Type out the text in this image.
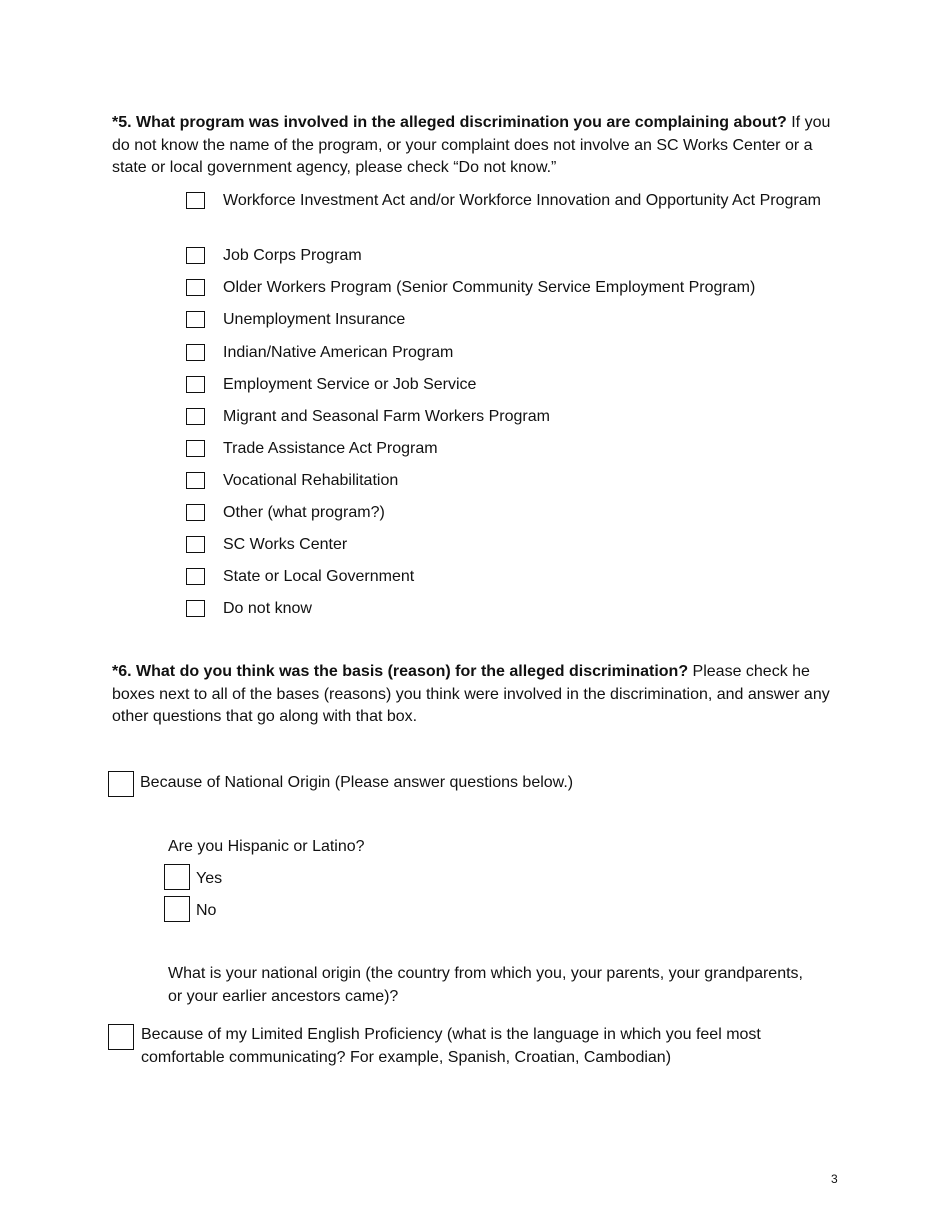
*5. What program was involved in the alleged discrimination you are complaining about? If you do not know the name of the program, or your complaint does not involve an SC Works Center or a state or local government agency, please check “Do not know.”
Workforce Investment Act and/or Workforce Innovation and Opportunity Act Program
Job Corps Program
Older Workers Program (Senior Community Service Employment Program)
Unemployment Insurance
Indian/Native American Program
Employment Service or Job Service
Migrant and Seasonal Farm Workers Program
Trade Assistance Act Program
Vocational Rehabilitation
Other (what program?)
SC Works Center
State or Local Government
Do not know
*6. What do you think was the basis (reason) for the alleged discrimination? Please check he boxes next to all of the bases (reasons) you think were involved in the discrimination, and answer any other questions that go along with that box.
Because of National Origin (Please answer questions below.)
Are you Hispanic or Latino?
Yes
No
What is your national origin (the country from which you, your parents, your grandparents, or your earlier ancestors came)?
Because of my Limited English Proficiency (what is the language in which you feel most comfortable communicating? For example, Spanish, Croatian, Cambodian)
3
